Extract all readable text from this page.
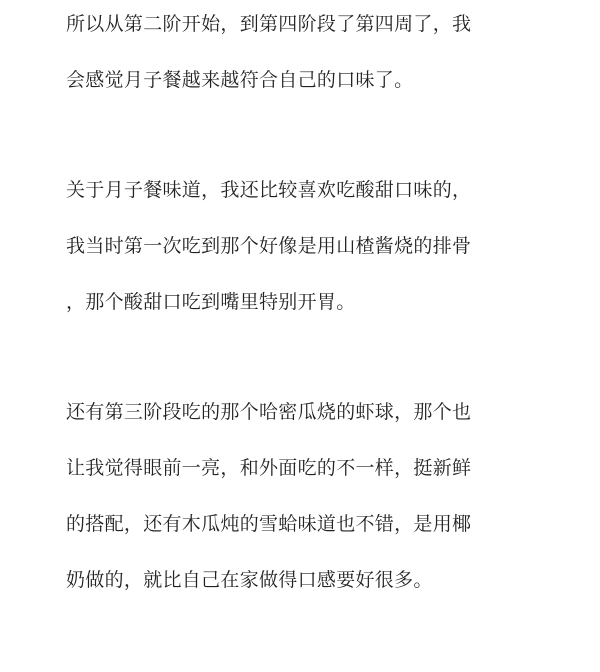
所以从第二阶开始，到第四阶段了第四周了，我
会感觉月子餐越来越符合自己的口味了。
关于月子餐味道，我还比较喜欢吃酸甜口味的，
我当时第一次吃到那个好像是用山楂酱烧的排骨
，那个酸甜口吃到嘴里特别开胃。
还有第三阶段吃的那个哈密瓜烧的虾球，那个也
让我觉得眼前一亮，和外面吃的不一样，挺新鲜
的搭配，还有木瓜炖的雪蛤味道也不错，是用椰
奶做的，就比自己在家做得口感要好很多。
